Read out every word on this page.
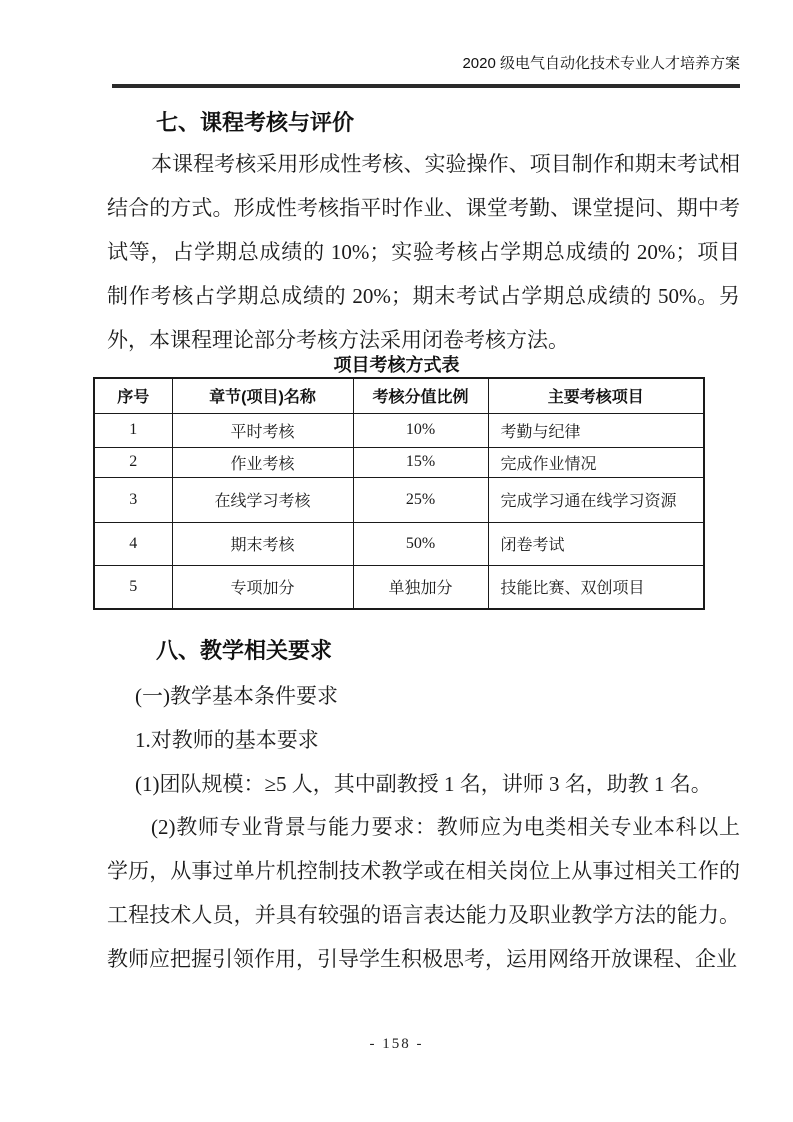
2020 级电气自动化技术专业人才培养方案
七、课程考核与评价
本课程考核采用形成性考核、实验操作、项目制作和期末考试相结合的方式。形成性考核指平时作业、课堂考勤、课堂提问、期中考试等，占学期总成绩的 10%；实验考核占学期总成绩的 20%；项目制作考核占学期总成绩的 20%；期末考试占学期总成绩的 50%。另外，本课程理论部分考核方法采用闭卷考核方法。
项目考核方式表
序号	章节(项目)名称	考核分值比例	主要考核项目
1	平时考核	10%	考勤与纪律
2	作业考核	15%	完成作业情况
3	在线学习考核	25%	完成学习通在线学习资源
4	期末考核	50%	闭卷考试
5	专项加分	单独加分	技能比赛、双创项目
八、教学相关要求
(一)教学基本条件要求
1.对教师的基本要求
(1)团队规模：≥5 人，其中副教授 1 名，讲师 3 名，助教 1 名。
(2)教师专业背景与能力要求：教师应为电类相关专业本科以上学历，从事过单片机控制技术教学或在相关岗位上从事过相关工作的工程技术人员，并具有较强的语言表达能力及职业教学方法的能力。教师应把握引领作用，引导学生积极思考，运用网络开放课程、企业
- 158 -
